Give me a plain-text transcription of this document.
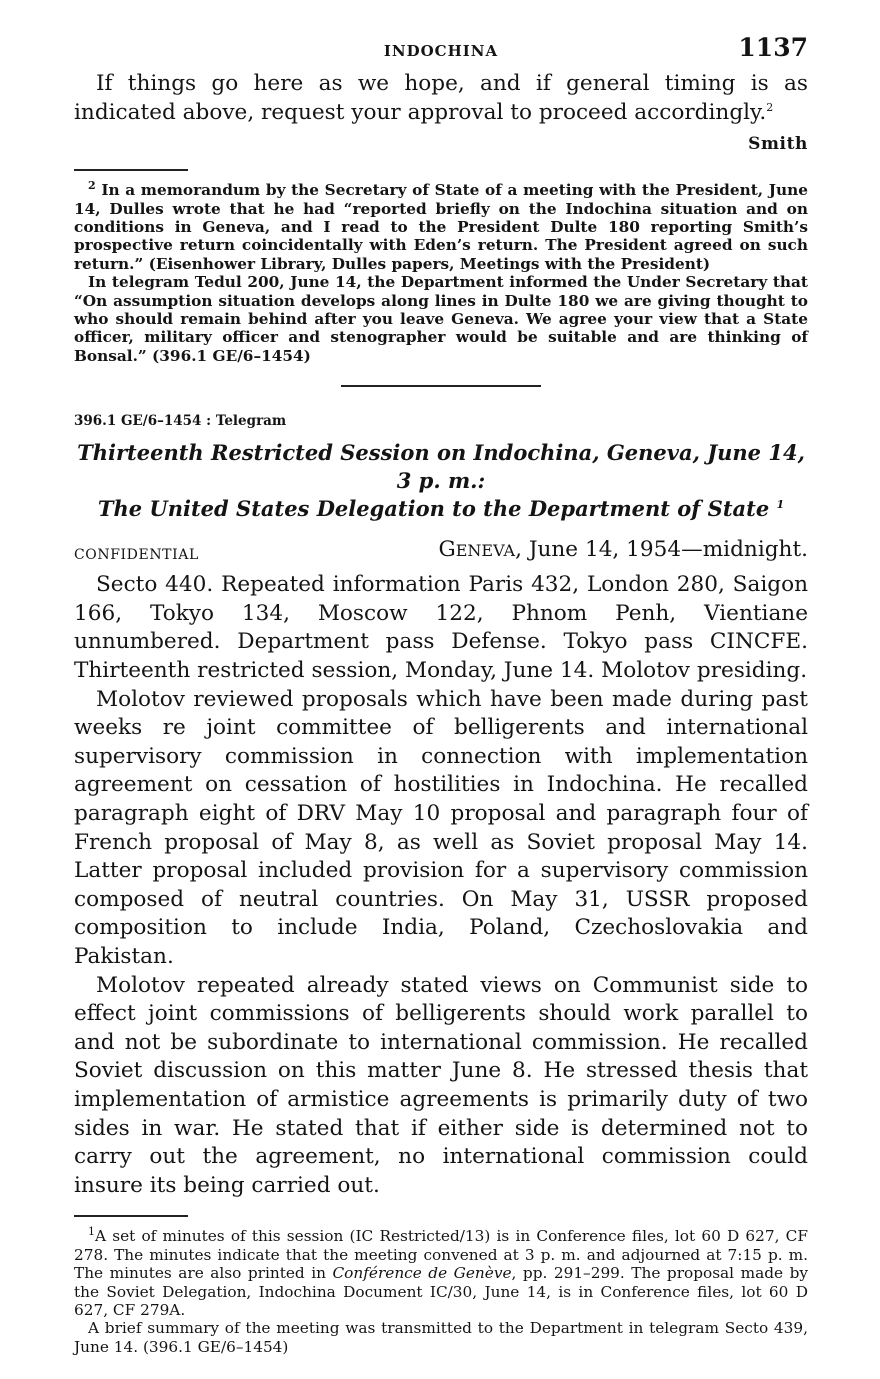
INDOCHINA	1137

If things go here as we hope, and if general timing is as indicated above, request your approval to proceed accordingly.$^2$

Smith

$^2$ In a memorandum by the Secretary of State of a meeting with the President, June 14, Dulles wrote that he had “reported briefly on the Indochina situation and on conditions in Geneva, and I read to the President Dulte 180 reporting Smith’s prospective return coincidentally with Eden’s return. The President agreed on such return.” (Eisenhower Library, Dulles papers, Meetings with the President)

In telegram Tedul 200, June 14, the Department informed the Under Secretary that “On assumption situation develops along lines in Dulte 180 we are giving thought to who should remain behind after you leave Geneva. We agree your view that a State officer, military officer and stenographer would be suitable and are thinking of Bonsal.” (396.1 GE/6–1454)

396.1 GE/6–1454 : Telegram

Thirteenth Restricted Session on Indochina, Geneva, June 14, 3 p. m.:
The United States Delegation to the Department of State $^1$
CONFIDENTIAL	GENEVA, June 14, 1954—midnight.

Secto 440. Repeated information Paris 432, London 280, Saigon 166, Tokyo 134, Moscow 122, Phnom Penh, Vientiane unnumbered. Department pass Defense. Tokyo pass CINCFE. Thirteenth restricted session, Monday, June 14. Molotov presiding.

Molotov reviewed proposals which have been made during past weeks re joint committee of belligerents and international supervisory commission in connection with implementation agreement on cessation of hostilities in Indochina. He recalled paragraph eight of DRV May 10 proposal and paragraph four of French proposal of May 8, as well as Soviet proposal May 14. Latter proposal included provision for a supervisory commission composed of neutral countries. On May 31, USSR proposed composition to include India, Poland, Czechoslovakia and Pakistan.

Molotov repeated already stated views on Communist side to effect joint commissions of belligerents should work parallel to and not be subordinate to international commission. He recalled Soviet discussion on this matter June 8. He stressed thesis that implementation of armistice agreements is primarily duty of two sides in war. He stated that if either side is determined not to carry out the agreement, no international commission could insure its being carried out.

$^1$A set of minutes of this session (IC Restricted/13) is in Conference files, lot 60 D 627, CF 278. The minutes indicate that the meeting convened at 3 p. m. and adjourned at 7:15 p. m. The minutes are also printed in Conférence de Genève, pp. 291–299. The proposal made by the Soviet Delegation, Indochina Document IC/30, June 14, is in Conference files, lot 60 D 627, CF 279A.

A brief summary of the meeting was transmitted to the Department in telegram Secto 439, June 14. (396.1 GE/6–1454)
